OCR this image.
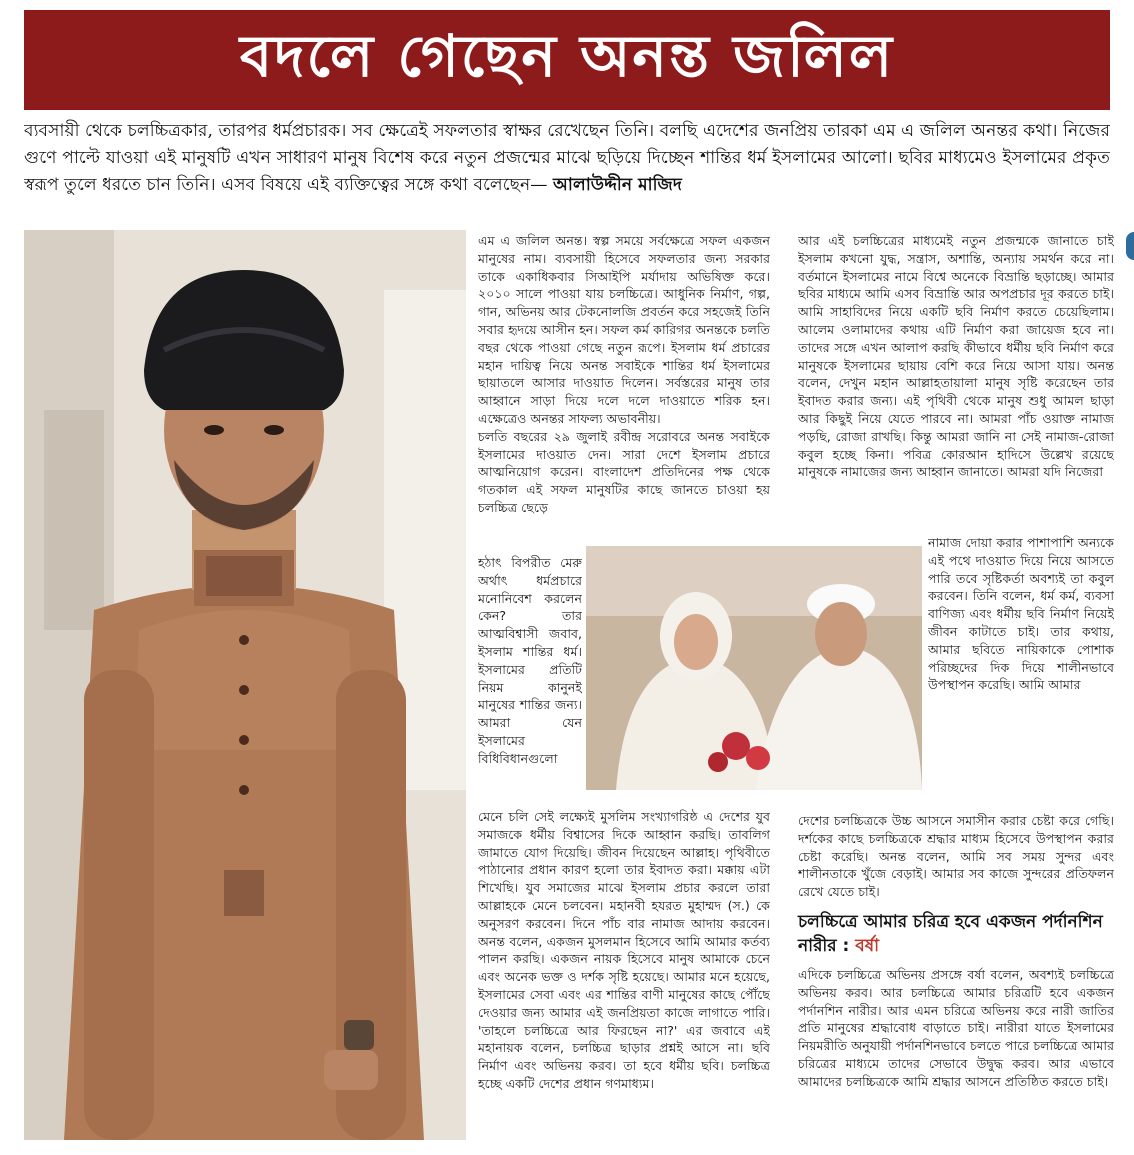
বদলে গেছেন অনন্ত জলিল
ব্যবসায়ী থেকে চলচ্চিত্রকার, তারপর ধর্মপ্রচারক। সব ক্ষেত্রেই সফলতার স্বাক্ষর রেখেছেন তিনি। বলছি এদেশের জনপ্রিয় তারকা এম এ জলিল অনন্তর কথা। নিজের গুণে পাল্টে যাওয়া এই মানুষটি এখন সাধারণ মানুষ বিশেষ করে নতুন প্রজন্মের মাঝে ছড়িয়ে দিচ্ছেন শান্তির ধর্ম ইসলামের আলো। ছবির মাধ্যমেও ইসলামের প্রকৃত স্বরূপ তুলে ধরতে চান তিনি। এসব বিষয়ে এই ব্যক্তিত্বের সঙ্গে কথা বলেছেন— আলাউদ্দীন মাজিদ

এম এ জলিল অনন্ত। স্বল্প সময়ে সর্বক্ষেত্রে সফল একজন মানুষের নাম। ব্যবসায়ী হিসেবে সফলতার জন্য সরকার তাকে একাধিকবার সিআইপি মর্যাদায় অভিষিক্ত করে। ২০১০ সালে পাওয়া যায় চলচ্চিত্রে। আধুনিক নির্মাণ, গল্প, গান, অভিনয় আর টেকনোলজি প্রবর্তন করে সহজেই তিনি সবার হৃদয়ে আসীন হন। সফল কর্ম কারিগর অনন্তকে চলতি বছর থেকে পাওয়া গেছে নতুন রূপে। ইসলাম ধর্ম প্রচারের মহান দায়িত্ব নিয়ে অনন্ত সবাইকে শান্তির ধর্ম ইসলামের ছায়াতলে আসার দাওয়াত দিলেন। সর্বস্তরের মানুষ তার আহ্বানে সাড়া দিয়ে দলে দলে দাওয়াতে শরিক হন। এক্ষেত্রেও অনন্তর সাফল্য অভাবনীয়।

চলতি বছরের ২৯ জুলাই রবীন্দ্র সরোবরে অনন্ত সবাইকে ইসলামের দাওয়াত দেন। সারা দেশে ইসলাম প্রচারে আত্মনিয়োগ করেন। বাংলাদেশ প্রতিদিনের পক্ষ থেকে গতকাল এই সফল মানুষটির কাছে জানতে চাওয়া হয় চলচ্চিত্র ছেড়ে

হঠাৎ বিপরীত মেরু অর্থাৎ ধর্মপ্রচারে মনোনিবেশ করলেন কেন? তার আত্মবিশ্বাসী জবাব, ইসলাম শান্তির ধর্ম। ইসলামের প্রতিটি নিয়ম কানুনই মানুষের শান্তির জন্য। আমরা যেন ইসলামের বিধিবিধানগুলো

আর এই চলচ্চিত্রের মাধ্যমেই নতুন প্রজন্মকে জানাতে চাই ইসলাম কখনো যুদ্ধ, সন্ত্রাস, অশান্তি, অন্যায় সমর্থন করে না। বর্তমানে ইসলামের নামে বিশ্বে অনেকে বিভ্রান্তি ছড়াচ্ছে। আমার ছবির মাধ্যমে আমি এসব বিভ্রান্তি আর অপপ্রচার দূর করতে চাই। আমি সাহাবিদের নিয়ে একটি ছবি নির্মাণ করতে চেয়েছিলাম। আলেম ওলামাদের কথায় এটি নির্মাণ করা জায়েজ হবে না। তাদের সঙ্গে এখন আলাপ করছি কীভাবে ধর্মীয় ছবি নির্মাণ করে মানুষকে ইসলামের ছায়ায় বেশি করে নিয়ে আসা যায়। অনন্ত বলেন, দেখুন মহান আল্লাহতায়ালা মানুষ সৃষ্টি করেছেন তার ইবাদত করার জন্য। এই পৃথিবী থেকে মানুষ শুধু আমল ছাড়া আর কিছুই নিয়ে যেতে পারবে না। আমরা পাঁচ ওয়াক্ত নামাজ পড়ছি, রোজা রাখছি। কিন্তু আমরা জানি না সেই নামাজ-রোজা কবুল হচ্ছে কিনা। পবিত্র কোরআন হাদিসে উল্লেখ রয়েছে মানুষকে নামাজের জন্য আহ্বান জানাতে। আমরা যদি নিজেরা

নামাজ দোয়া করার পাশাপাশি অন্যকে এই পথে দাওয়াত দিয়ে নিয়ে আসতে পারি তবে সৃষ্টিকর্তা অবশ্যই তা কবুল করবেন। তিনি বলেন, ধর্ম কর্ম, ব্যবসা বাণিজ্য এবং ধর্মীয় ছবি নির্মাণ নিয়েই জীবন কাটাতে চাই। তার কথায়, আমার ছবিতে নায়িকাকে পোশাক পরিচ্ছদের দিক দিয়ে শালীনভাবে উপস্থাপন করেছি। আমি আমার

মেনে চলি সেই লক্ষ্যেই মুসলিম সংখ্যাগরিষ্ঠ এ দেশের যুব সমাজকে ধর্মীয় বিশ্বাসের দিকে আহ্বান করছি। তাবলিগ জামাতে যোগ দিয়েছি। জীবন দিয়েছেন আল্লাহ। পৃথিবীতে পাঠানোর প্রধান কারণ হলো তার ইবাদত করা। মক্কায় এটা শিখেছি। যুব সমাজের মাঝে ইসলাম প্রচার করলে তারা আল্লাহকে মেনে চলবেন। মহানবী হযরত মুহাম্মদ (স.) কে অনুসরণ করবেন। দিনে পাঁচ বার নামাজ আদায় করবেন। অনন্ত বলেন, একজন মুসলমান হিসেবে আমি আমার কর্তব্য পালন করছি। একজন নায়ক হিসেবে মানুষ আমাকে চেনে এবং অনেক ভক্ত ও দর্শক সৃষ্টি হয়েছে। আমার মনে হয়েছে, ইসলামের সেবা এবং এর শান্তির বাণী মানুষের কাছে পৌঁছে দেওয়ার জন্য আমার এই জনপ্রিয়তা কাজে লাগাতে পারি। 'তাহলে চলচ্চিত্রে আর ফিরছেন না?' এর জবাবে এই মহানায়ক বলেন, চলচ্চিত্র ছাড়ার প্রশ্নই আসে না। ছবি নির্মাণ এবং অভিনয় করব। তা হবে ধর্মীয় ছবি। চলচ্চিত্র হচ্ছে একটি দেশের প্রধান গণমাধ্যম।

দেশের চলচ্চিত্রকে উচ্চ আসনে সমাসীন করার চেষ্টা করে গেছি। দর্শকের কাছে চলচ্চিত্রকে শ্রদ্ধার মাধ্যম হিসেবে উপস্থাপন করার চেষ্টা করেছি। অনন্ত বলেন, আমি সব সময় সুন্দর এবং শালীনতাকে খুঁজে বেড়াই। আমার সব কাজে সুন্দরের প্রতিফলন রেখে যেতে চাই।

চলচ্চিত্রে আমার চরিত্র হবে একজন পর্দানশিন নারীর : বর্ষা

এদিকে চলচ্চিত্রে অভিনয় প্রসঙ্গে বর্ষা বলেন, অবশ্যই চলচ্চিত্রে অভিনয় করব। আর চলচ্চিত্রে আমার চরিত্রটি হবে একজন পর্দানশিন নারীর। আর এমন চরিত্রে অভিনয় করে নারী জাতির প্রতি মানুষের শ্রদ্ধাবোধ বাড়াতে চাই। নারীরা যাতে ইসলামের নিয়মরীতি অনুযায়ী পর্দানশিনভাবে চলতে পারে চলচ্চিত্রে আমার চরিত্রের মাধ্যমে তাদের সেভাবে উদ্বুদ্ধ করব। আর এভাবে আমাদের চলচ্চিত্রকে আমি শ্রদ্ধার আসনে প্রতিষ্ঠিত করতে চাই।
